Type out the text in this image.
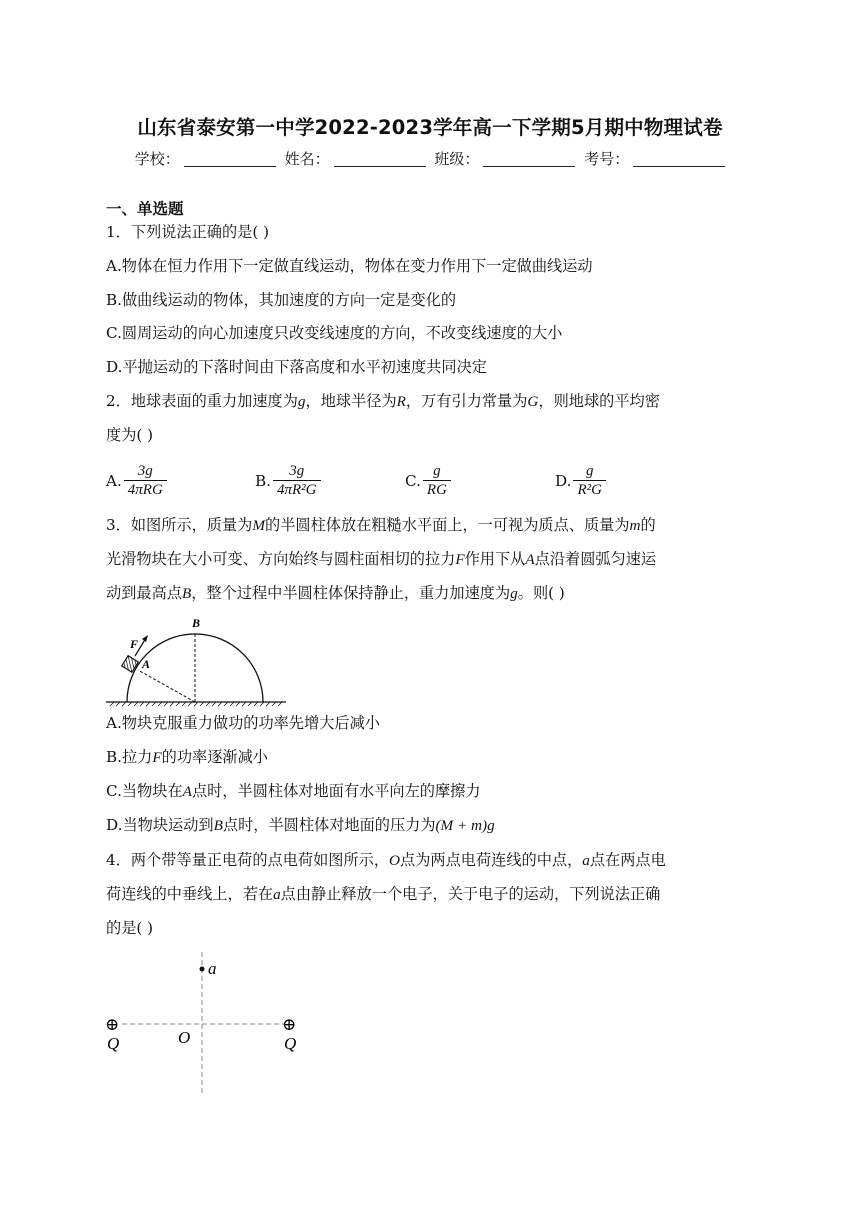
山东省泰安第一中学2022-2023学年高一下学期5月期中物理试卷
学校：	姓名：	班级：	考号：
一、单选题
1．下列说法正确的是( )
A.物体在恒力作用下一定做直线运动，物体在变力作用下一定做曲线运动
B.做曲线运动的物体，其加速度的方向一定是变化的
C.圆周运动的向心加速度只改变线速度的方向，不改变线速度的大小
D.平抛运动的下落时间由下落高度和水平初速度共同决定
2．地球表面的重力加速度为g，地球半径为R，万有引力常量为G，则地球的平均密
度为( )
A. $\frac{3g}{\text{4πRG}}$	B. $\frac{3g}{\text{4πR²G}}$	C. $\frac{g}{RG}$	D. $\frac{g}{\text{R²G}}$
3．如图所示，质量为M的半圆柱体放在粗糙水平面上，一可视为质点、质量为m的
光滑物块在大小可变、方向始终与圆柱面相切的拉力F作用下从A点沿着圆弧匀速运
动到最高点B，整个过程中半圆柱体保持静止，重力加速度为g。则( )
F
A
B
A.物块克服重力做功的功率先增大后减小
B.拉力F的功率逐渐减小
C.当物块在A点时，半圆柱体对地面有水平向左的摩擦力
D.当物块运动到B点时，半圆柱体对地面的压力为(M + m)g
4．两个带等量正电荷的点电荷如图所示，O点为两点电荷连线的中点，a点在两点电
荷连线的中垂线上，若在a点由静止释放一个电子，关于电子的运动，下列说法正确
的是( )
a
O
⊕
Q
⊕
Q
